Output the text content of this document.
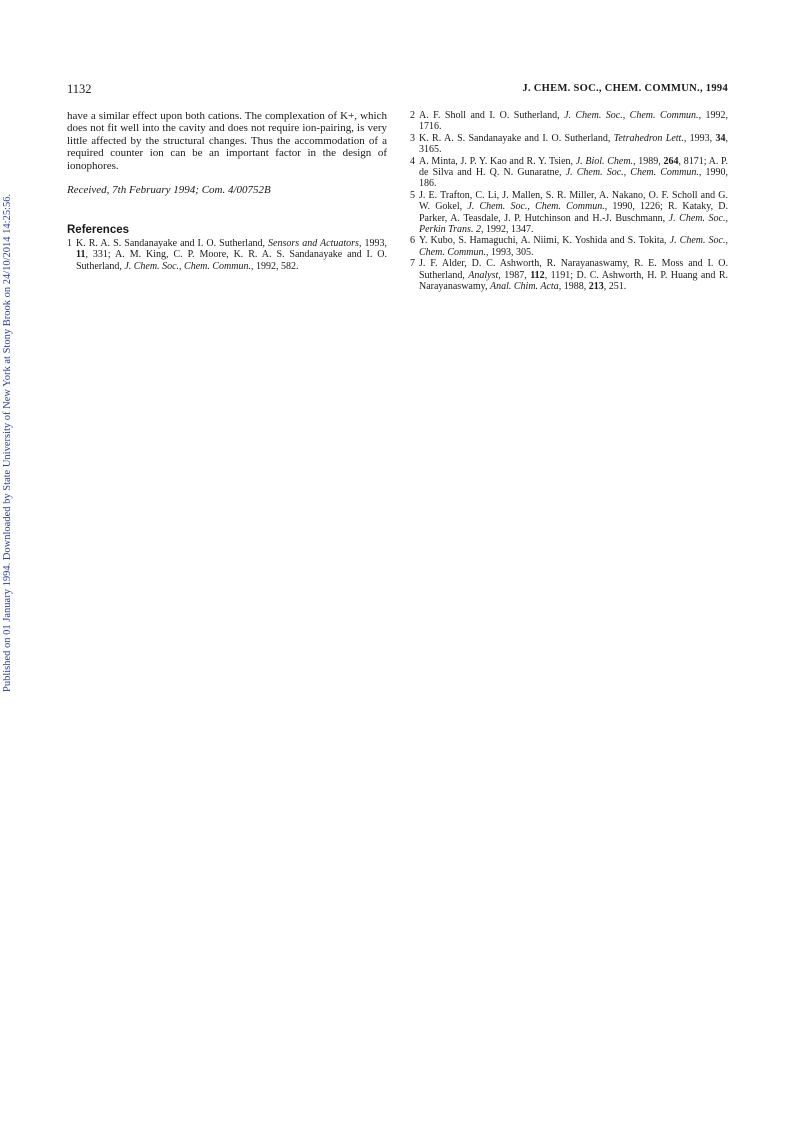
Published on 01 January 1994. Downloaded by State University of New York at Stony Brook on 24/10/2014 14:25:56.
1132	J. CHEM. SOC., CHEM. COMMUN., 1994

have a similar effect upon both cations. The complexation of K+, which does not fit well into the cavity and does not require ion-pairing, is very little affected by the structural changes. Thus the accommodation of a required counter ion can be an important factor in the design of ionophores.

Received, 7th February 1994; Com. 4/00752B
References
1 K. R. A. S. Sandanayake and I. O. Sutherland, Sensors and Actuators, 1993, 11, 331; A. M. King, C. P. Moore, K. R. A. S. Sandanayake and I. O. Sutherland, J. Chem. Soc., Chem. Commun., 1992, 582.
2 A. F. Sholl and I. O. Sutherland, J. Chem. Soc., Chem. Commun., 1992, 1716.
3 K. R. A. S. Sandanayake and I. O. Sutherland, Tetrahedron Lett., 1993, 34, 3165.
4 A. Minta, J. P. Y. Kao and R. Y. Tsien, J. Biol. Chem., 1989, 264, 8171; A. P. de Silva and H. Q. N. Gunaratne, J. Chem. Soc., Chem. Commun., 1990, 186.
5 J. E. Trafton, C. Li, J. Mallen, S. R. Miller, A. Nakano, O. F. Scholl and G. W. Gokel, J. Chem. Soc., Chem. Commun., 1990, 1226; R. Kataky, D. Parker, A. Teasdale, J. P. Hutchinson and H.-J. Buschmann, J. Chem. Soc., Perkin Trans. 2, 1992, 1347.
6 Y. Kubo, S. Hamaguchi, A. Niimi, K. Yoshida and S. Tokita, J. Chem. Soc., Chem. Commun., 1993, 305.
7 J. F. Alder, D. C. Ashworth, R. Narayanaswamy, R. E. Moss and I. O. Sutherland, Analyst, 1987, 112, 1191; D. C. Ashworth, H. P. Huang and R. Narayanaswamy, Anal. Chim. Acta, 1988, 213, 251.
